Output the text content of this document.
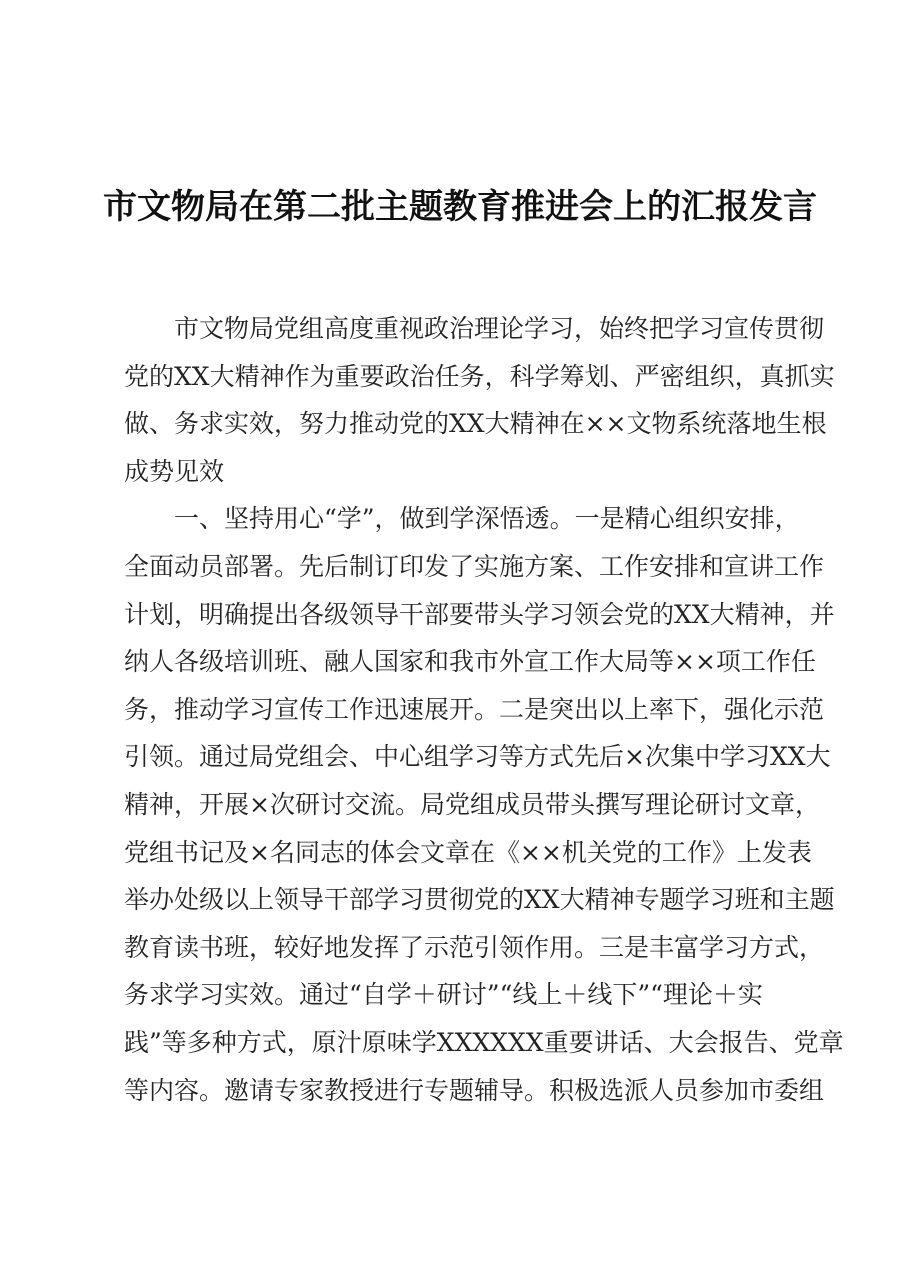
市文物局在第二批主题教育推进会上的汇报发言
市文物局党组高度重视政治理论学习，始终把学习宣传贯彻
党的XX大精神作为重要政治任务，科学筹划、严密组织，真抓实
做、务求实效，努力推动党的XX大精神在××文物系统落地生根
成势见效
一、坚持用心“学”，做到学深悟透。一是精心组织安排，
全面动员部署。先后制订印发了实施方案、工作安排和宣讲工作
计划，明确提出各级领导干部要带头学习领会党的XX大精神，并
纳人各级培训班、融人国家和我市外宣工作大局等××项工作任
务，推动学习宣传工作迅速展开。二是突出以上率下，强化示范
引领。通过局党组会、中心组学习等方式先后×次集中学习XX大
精神，开展×次研讨交流。局党组成员带头撰写理论研讨文章，
党组书记及×名同志的体会文章在《××机关党的工作》上发表
举办处级以上领导干部学习贯彻党的XX大精神专题学习班和主题
教育读书班，较好地发挥了示范引领作用。三是丰富学习方式，
务求学习实效。通过“自学＋研讨”“线上＋线下”“理论＋实
践”等多种方式，原汁原味学XXXXXX重要讲话、大会报告、党章
等内容。邀请专家教授进行专题辅导。积极选派人员参加市委组
